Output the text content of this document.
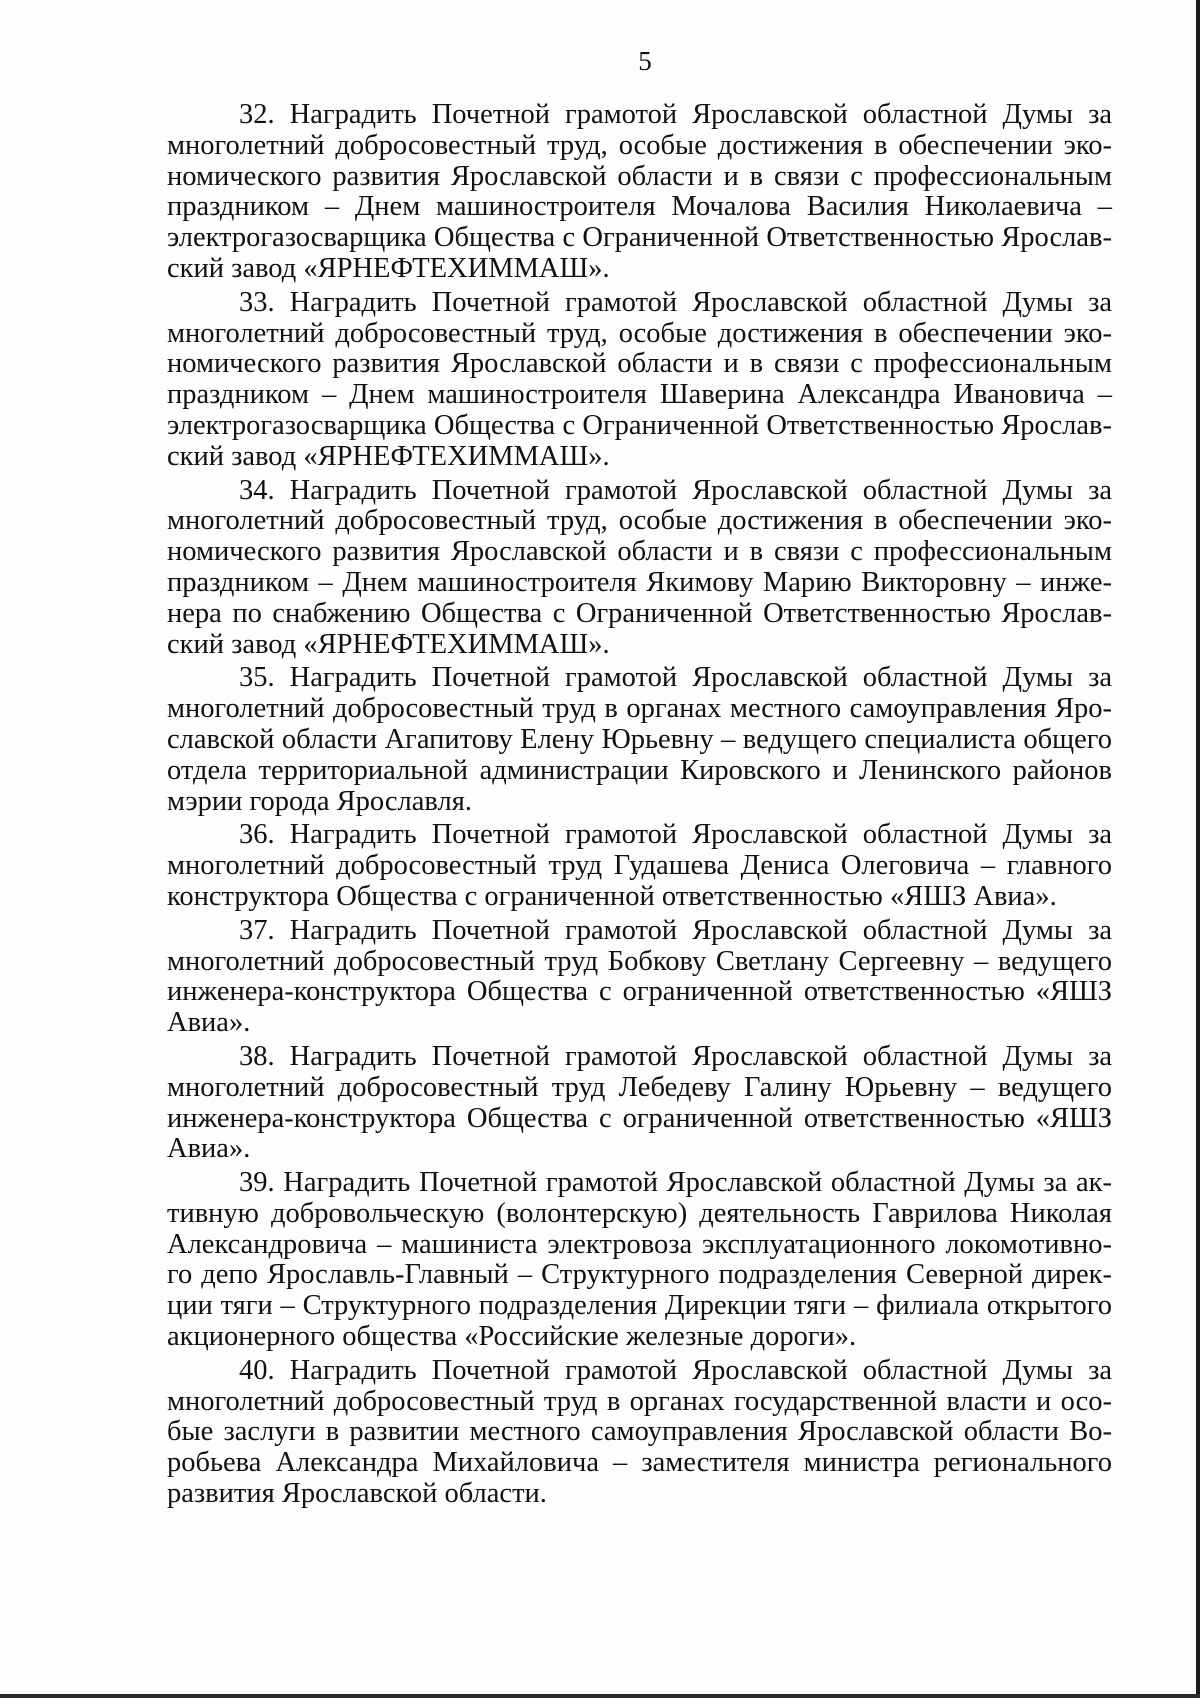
5

32. Наградить Почетной грамотой Ярославской областной Думы за многолетний добросовестный труд, особые достижения в обеспечении экономического развития Ярославской области и в связи с профессиональным праздником – Днем машиностроителя Мочалова Василия Николаевича – электрогазосварщика Общества с Ограниченной Ответственностью Ярославский завод «ЯРНЕФТЕХИММАШ».

33. Наградить Почетной грамотой Ярославской областной Думы за многолетний добросовестный труд, особые достижения в обеспечении экономического развития Ярославской области и в связи с профессиональным праздником – Днем машиностроителя Шаверина Александра Ивановича – электрогазосварщика Общества с Ограниченной Ответственностью Ярославский завод «ЯРНЕФТЕХИММАШ».

34. Наградить Почетной грамотой Ярославской областной Думы за многолетний добросовестный труд, особые достижения в обеспечении экономического развития Ярославской области и в связи с профессиональным праздником – Днем машиностроителя Якимову Марию Викторовну – инженера по снабжению Общества с Ограниченной Ответственностью Ярославский завод «ЯРНЕФТЕХИММАШ».

35. Наградить Почетной грамотой Ярославской областной Думы за многолетний добросовестный труд в органах местного самоуправления Ярославской области Агапитову Елену Юрьевну – ведущего специалиста общего отдела территориальной администрации Кировского и Ленинского районов мэрии города Ярославля.

36. Наградить Почетной грамотой Ярославской областной Думы за многолетний добросовестный труд Гудашева Дениса Олеговича – главного конструктора Общества с ограниченной ответственностью «ЯШЗ Авиа».

37. Наградить Почетной грамотой Ярославской областной Думы за многолетний добросовестный труд Бобкову Светлану Сергеевну – ведущего инженера-конструктора Общества с ограниченной ответственностью «ЯШЗ Авиа».

38. Наградить Почетной грамотой Ярославской областной Думы за многолетний добросовестный труд Лебедеву Галину Юрьевну – ведущего инженера-конструктора Общества с ограниченной ответственностью «ЯШЗ Авиа».

39. Наградить Почетной грамотой Ярославской областной Думы за активную добровольческую (волонтерскую) деятельность Гаврилова Николая Александровича – машиниста электровоза эксплуатационного локомотивного депо Ярославль-Главный – Структурного подразделения Северной дирекции тяги – Структурного подразделения Дирекции тяги – филиала открытого акционерного общества «Российские железные дороги».

40. Наградить Почетной грамотой Ярославской областной Думы за многолетний добросовестный труд в органах государственной власти и особые заслуги в развитии местного самоуправления Ярославской области Воробьева Александра Михайловича – заместителя министра регионального развития Ярославской области.
